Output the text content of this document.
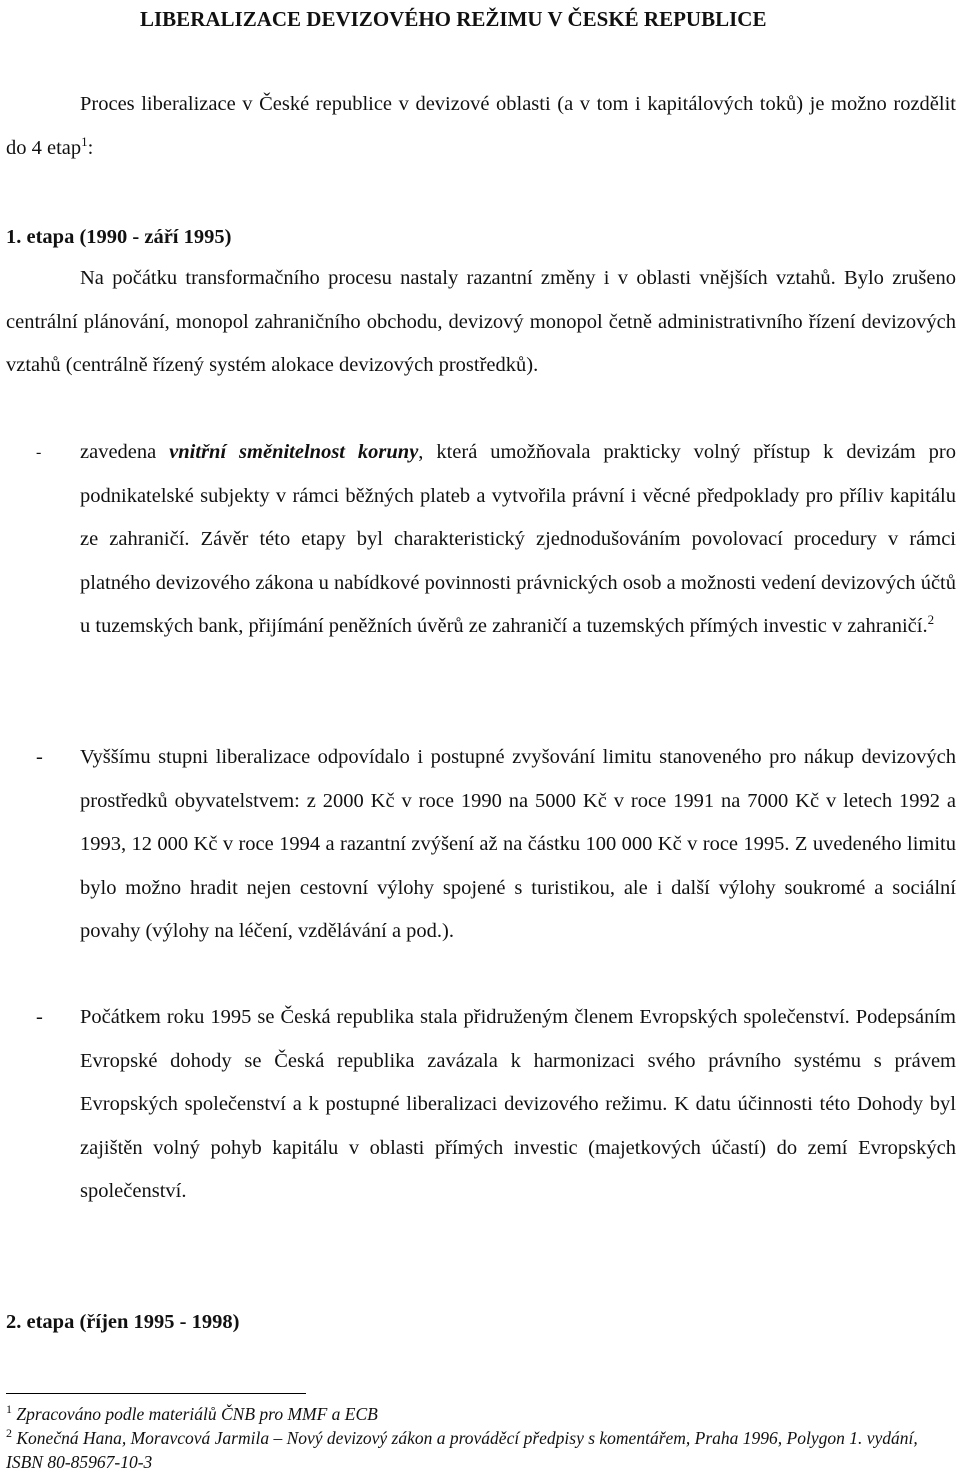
LIBERALIZACE DEVIZOVÉHO REŽIMU V ČESKÉ REPUBLICE
Proces liberalizace v České republice v devizové oblasti (a v tom i kapitálových toků) je možno rozdělit do 4 etap$^1$:
1. etapa (1990 - září 1995)
Na počátku transformačního procesu nastaly razantní změny i v oblasti vnějších vztahů. Bylo zrušeno centrální plánování, monopol zahraničního obchodu, devizový monopol četně administrativního řízení devizových vztahů (centrálně řízený systém alokace devizových prostředků).
-	zavedena vnitřní směnitelnost koruny, která umožňovala prakticky volný přístup k devizám pro podnikatelské subjekty v rámci běžných plateb a vytvořila právní i věcné předpoklady pro příliv kapitálu ze zahraničí. Závěr této etapy byl charakteristický zjednodušováním povolovací procedury v rámci platného devizového zákona u nabídkové povinnosti právnických osob a možnosti vedení devizových účtů u tuzemských bank, přijímání peněžních úvěrů ze zahraničí a tuzemských přímých investic v zahraničí.$^2$
-	Vyššímu stupni liberalizace odpovídalo i postupné zvyšování limitu stanoveného pro nákup devizových prostředků obyvatelstvem: z 2000 Kč v roce 1990 na 5000 Kč v roce 1991 na 7000 Kč v letech 1992 a 1993, 12 000 Kč v roce 1994 a razantní zvýšení až na částku 100 000 Kč v roce 1995. Z uvedeného limitu bylo možno hradit nejen cestovní výlohy spojené s turistikou, ale i další výlohy soukromé a sociální povahy (výlohy na léčení, vzdělávání a pod.).
-	Počátkem roku 1995 se Česká republika stala přidruženým členem Evropských společenství. Podepsáním Evropské dohody se Česká republika zavázala k harmonizaci svého právního systému s právem Evropských společenství a k postupné liberalizaci devizového režimu. K datu účinnosti této Dohody byl zajištěn volný pohyb kapitálu v oblasti přímých investic (majetkových účastí) do zemí Evropských společenství.
2. etapa (říjen 1995 - 1998)
$^1$ Zpracováno podle materiálů ČNB pro MMF a ECB
$^2$ Konečná Hana, Moravcová Jarmila – Nový devizový zákon a prováděcí předpisy s komentářem, Praha 1996, Polygon 1. vydání, ISBN 80-85967-10-3
